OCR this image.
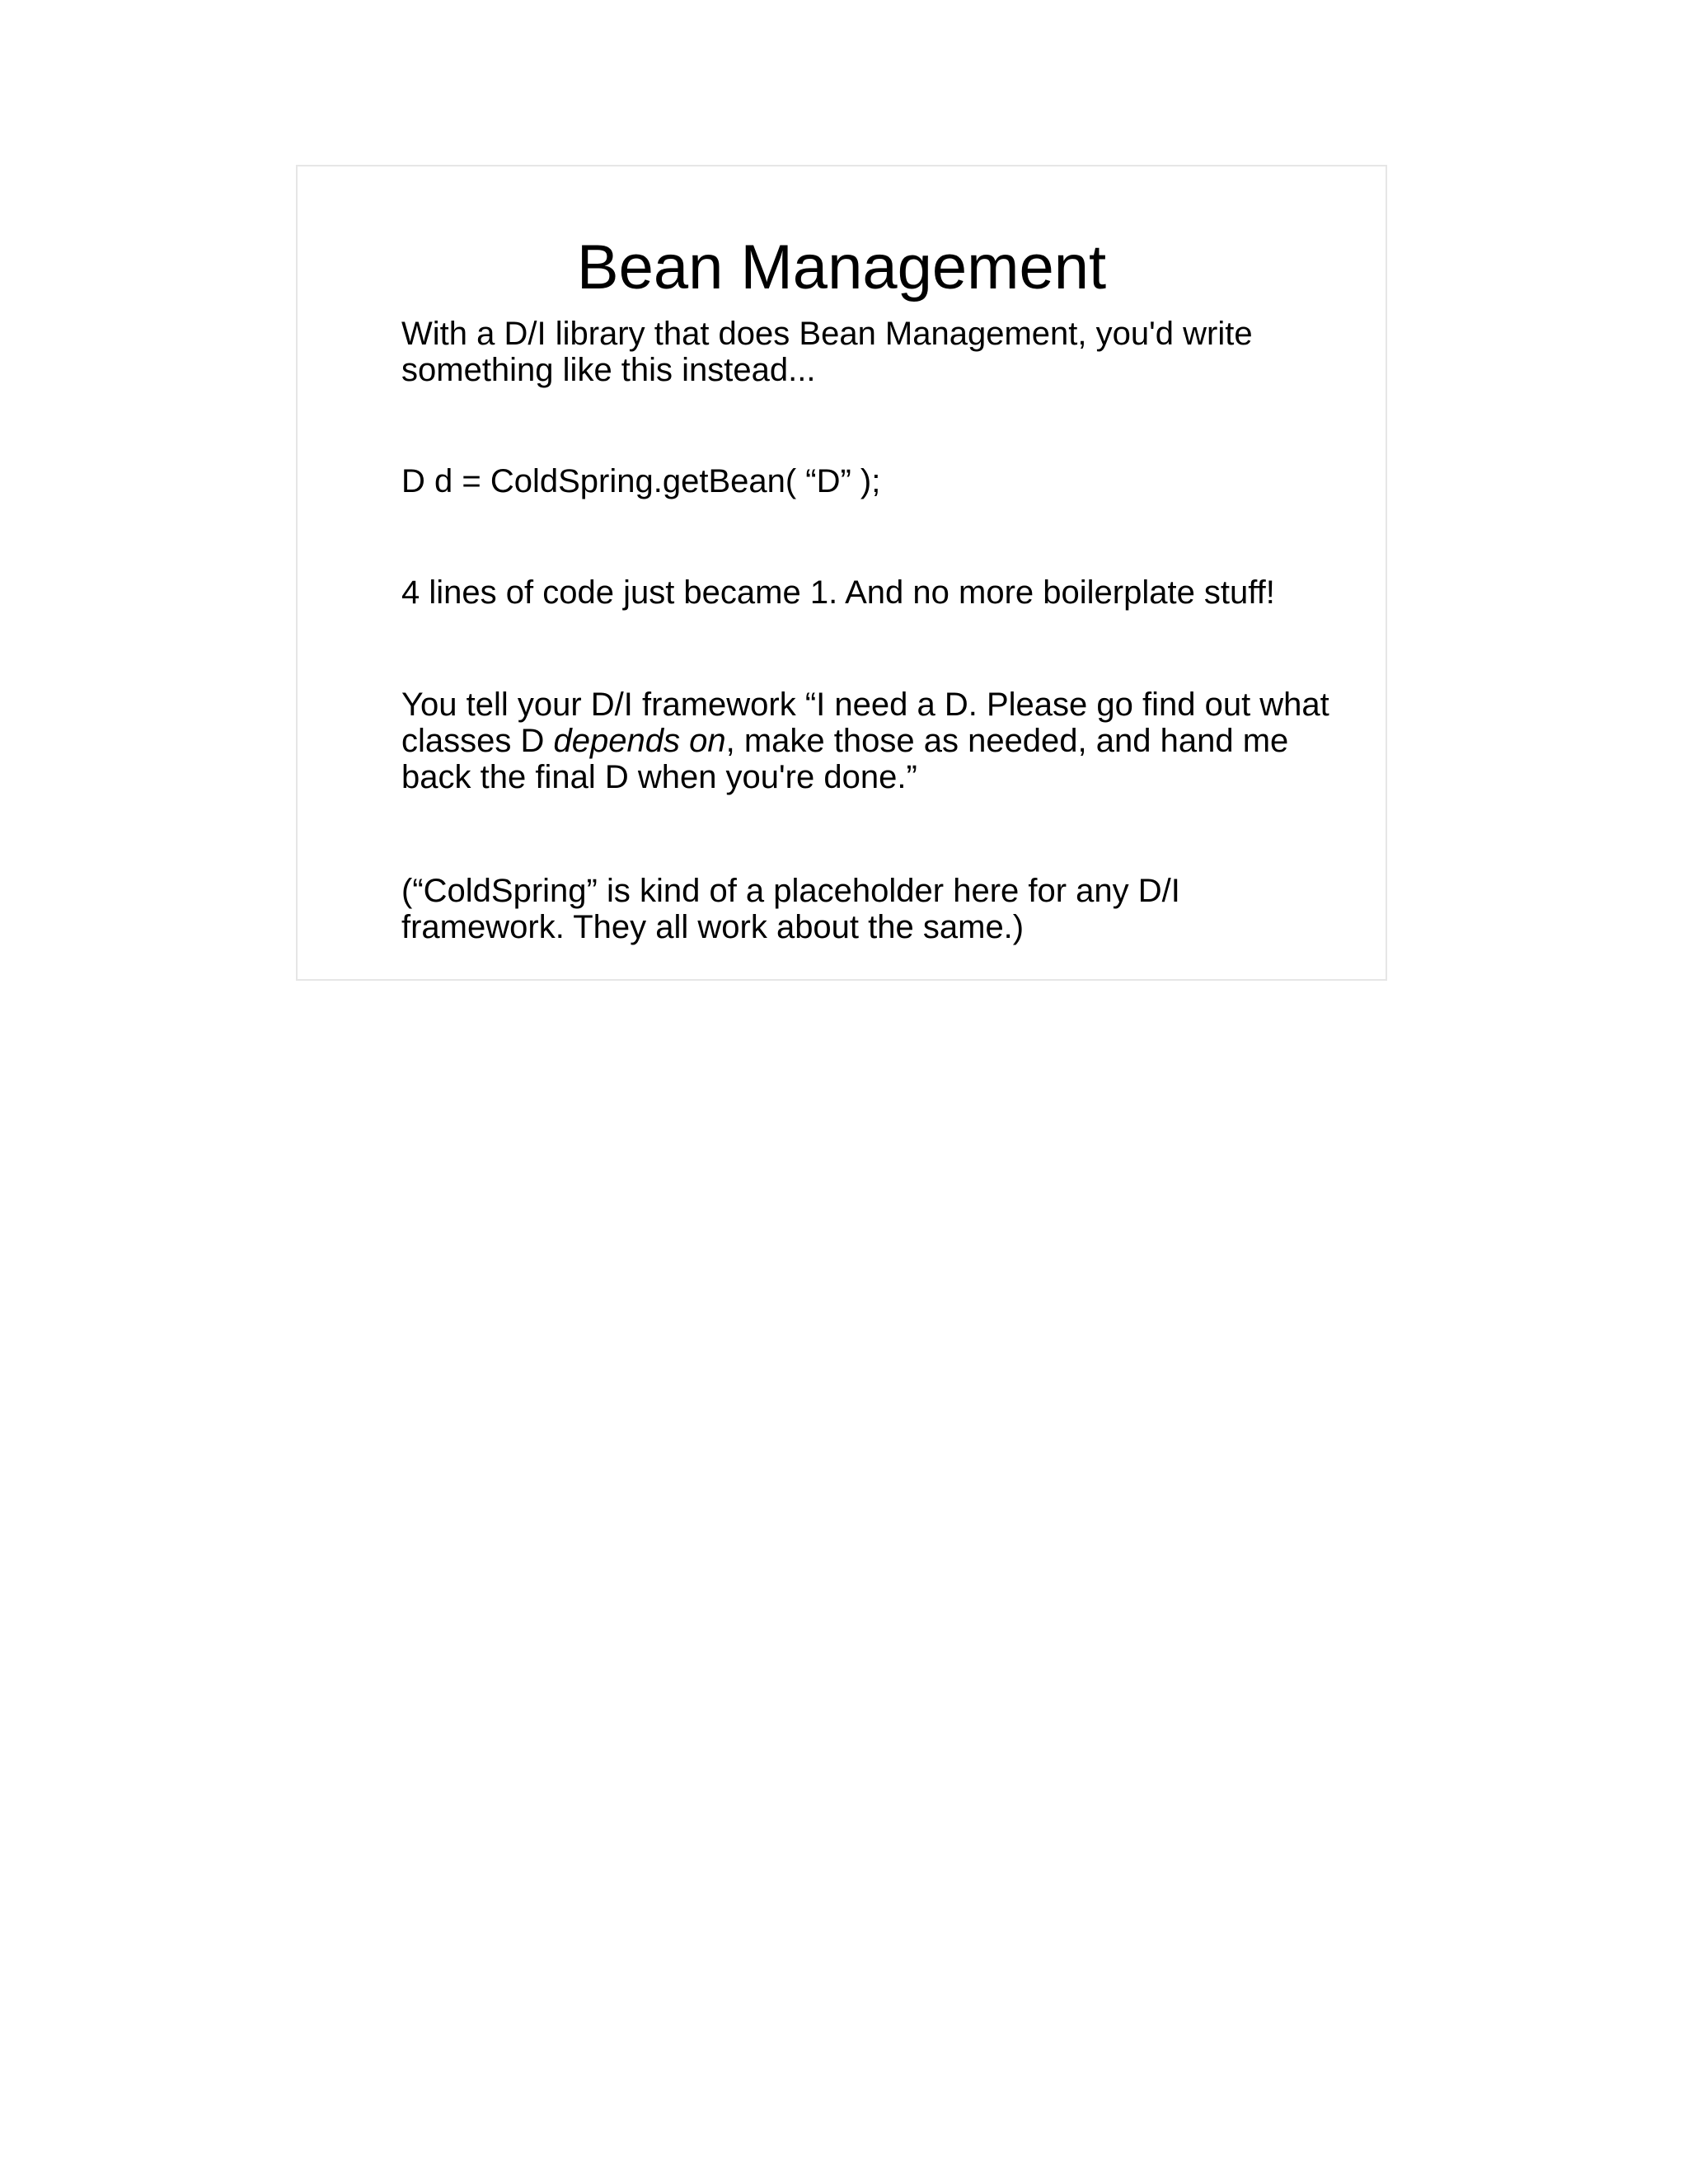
Bean Management

With a D/I library that does Bean Management, you'd write
something like this instead...

D d = ColdSpring.getBean( “D” );

4 lines of code just became 1. And no more boilerplate stuff!

You tell your D/I framework “I need a D. Please go find out what
classes D depends on, make those as needed, and hand me
back the final D when you're done.”

(“ColdSpring” is kind of a placeholder here for any D/I
framework. They all work about the same.)
